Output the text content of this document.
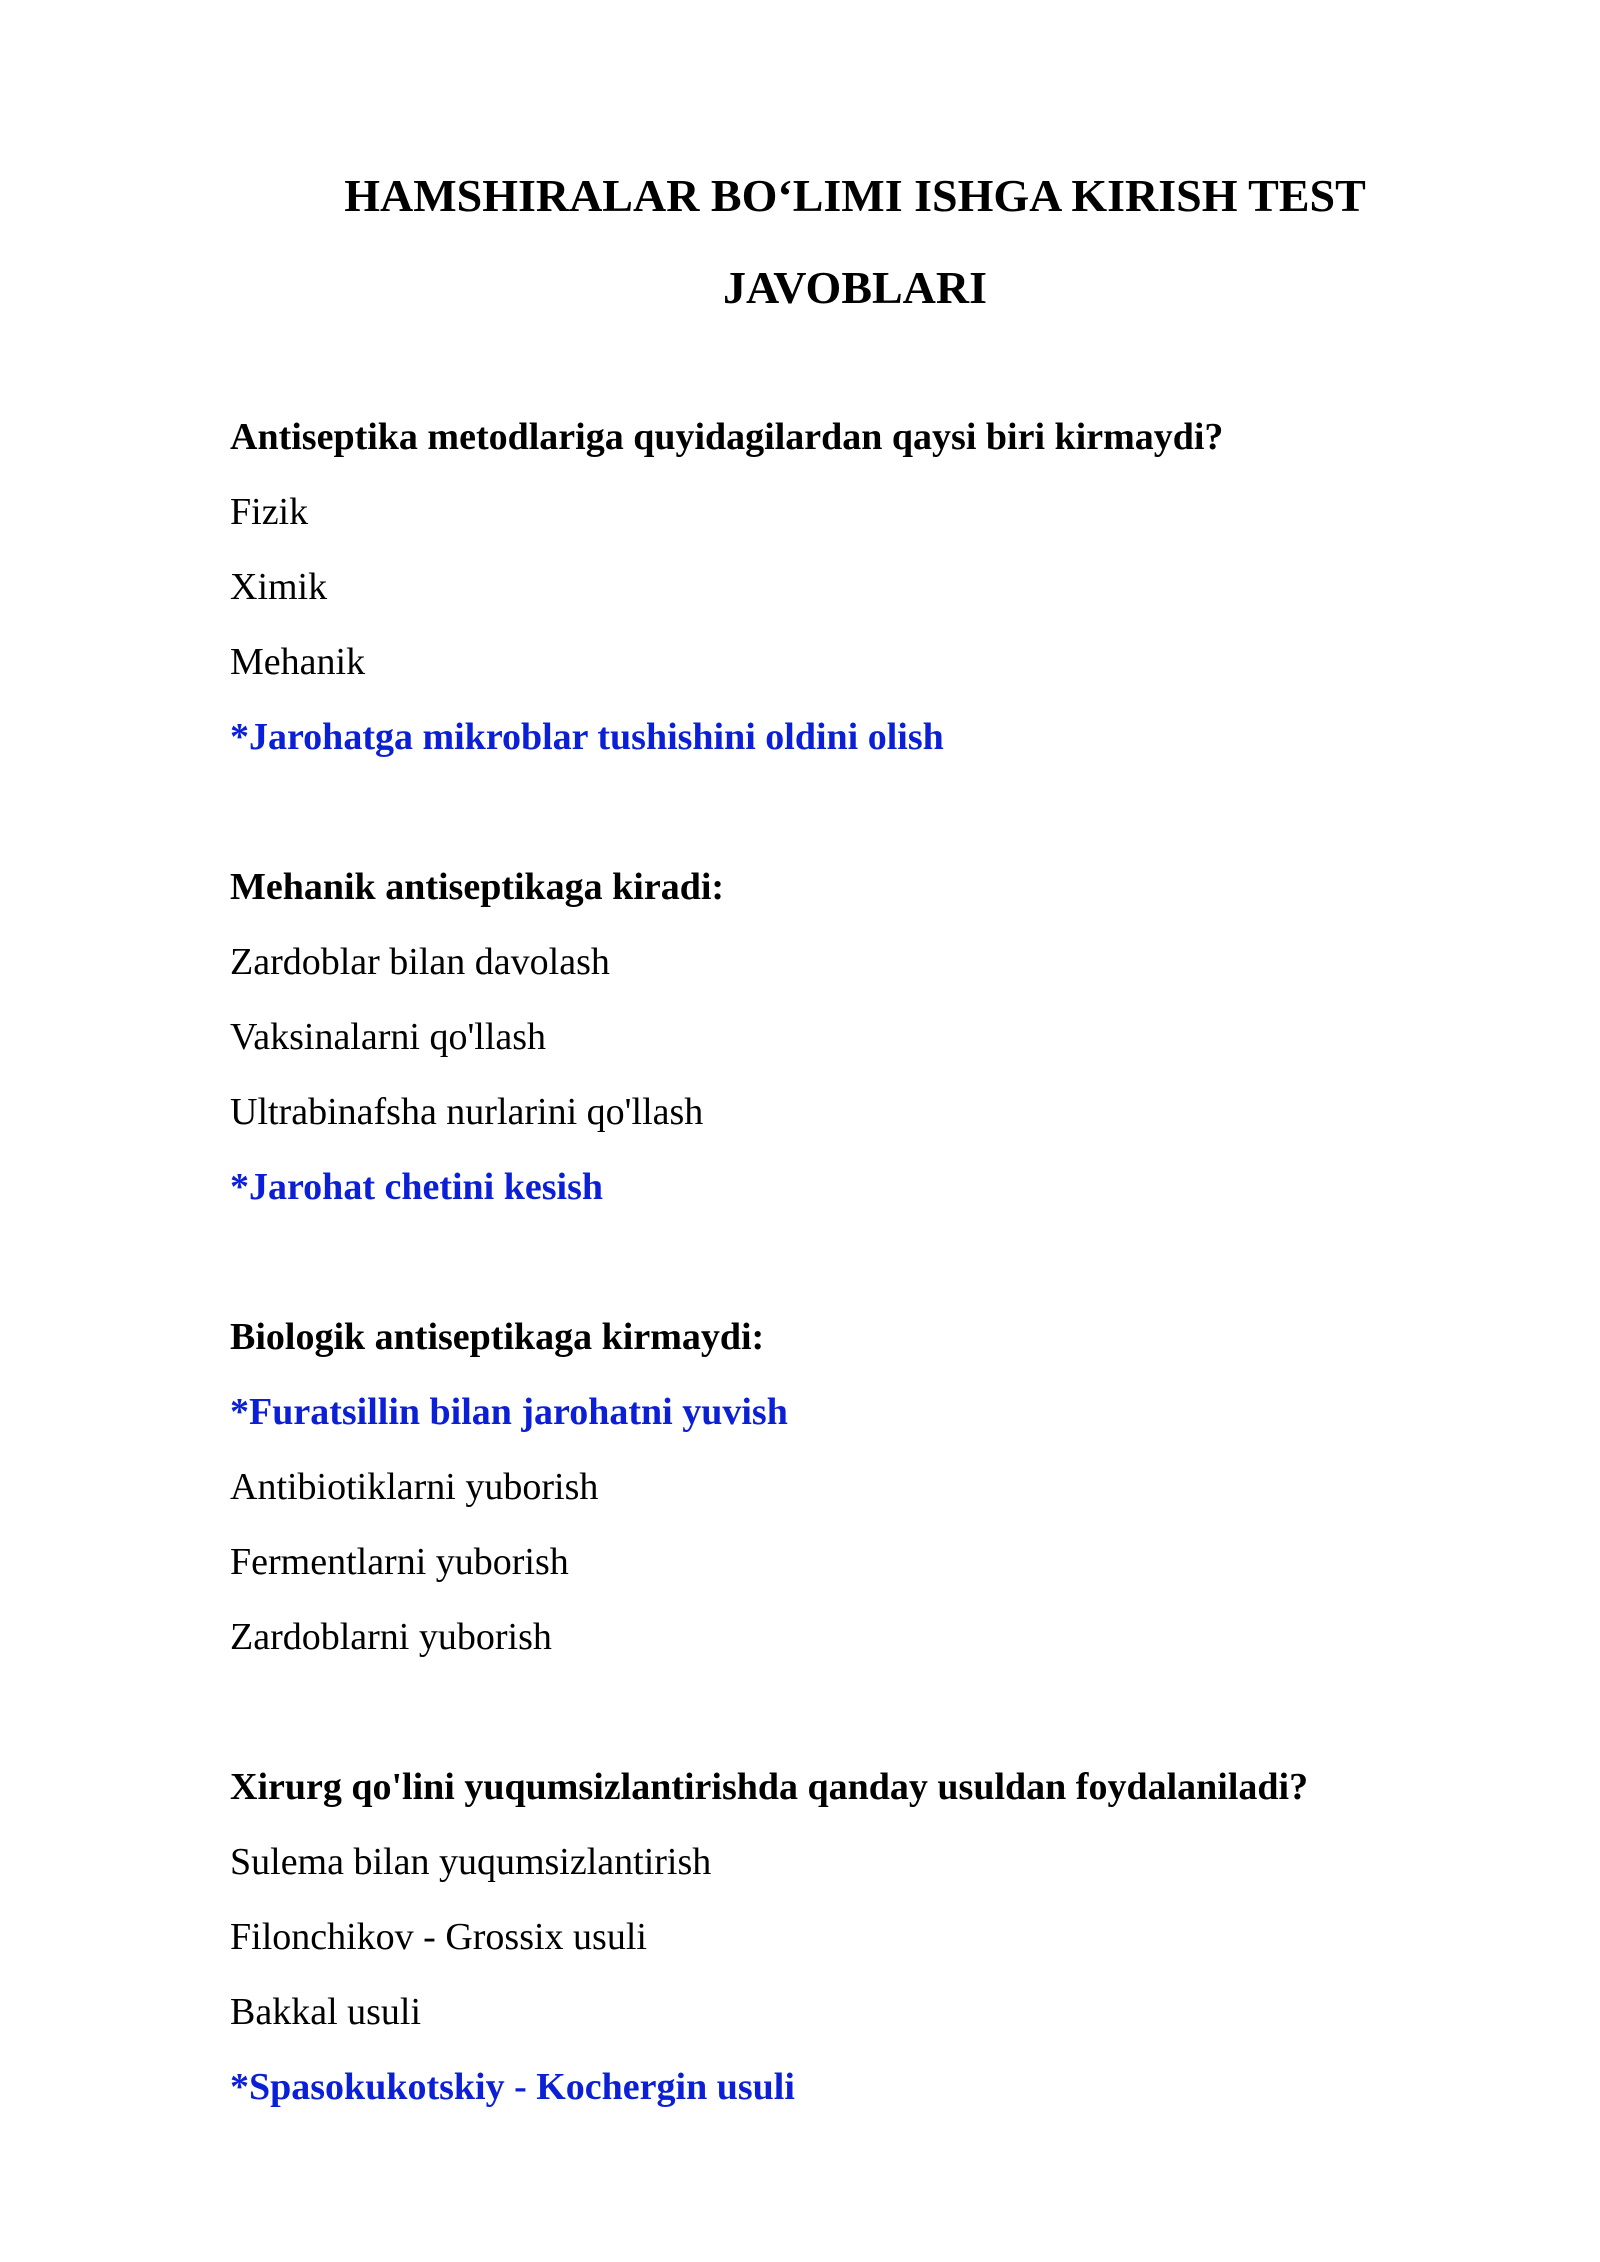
HAMSHIRALAR BO‘LIMI ISHGA KIRISH TEST
JAVOBLARI
Antiseptika metodlariga quyidagilardan qaysi biri kirmaydi?
Fizik
Ximik
Mehanik
*Jarohatga mikroblar tushishini oldini olish
Mehanik antiseptikaga kiradi:
Zardoblar bilan davolash
Vaksinalarni qo'llash
Ultrabinafsha nurlarini qo'llash
*Jarohat chetini kesish
Biologik antiseptikaga kirmaydi:
*Furatsillin bilan jarohatni yuvish
Antibiotiklarni yuborish
Fermentlarni yuborish
Zardoblarni yuborish
Xirurg qo'lini yuqumsizlantirishda qanday usuldan foydalaniladi?
Sulema bilan yuqumsizlantirish
Filonchikov - Grossix usuli
Bakkal usuli
*Spasokukotskiy - Kochergin usuli
